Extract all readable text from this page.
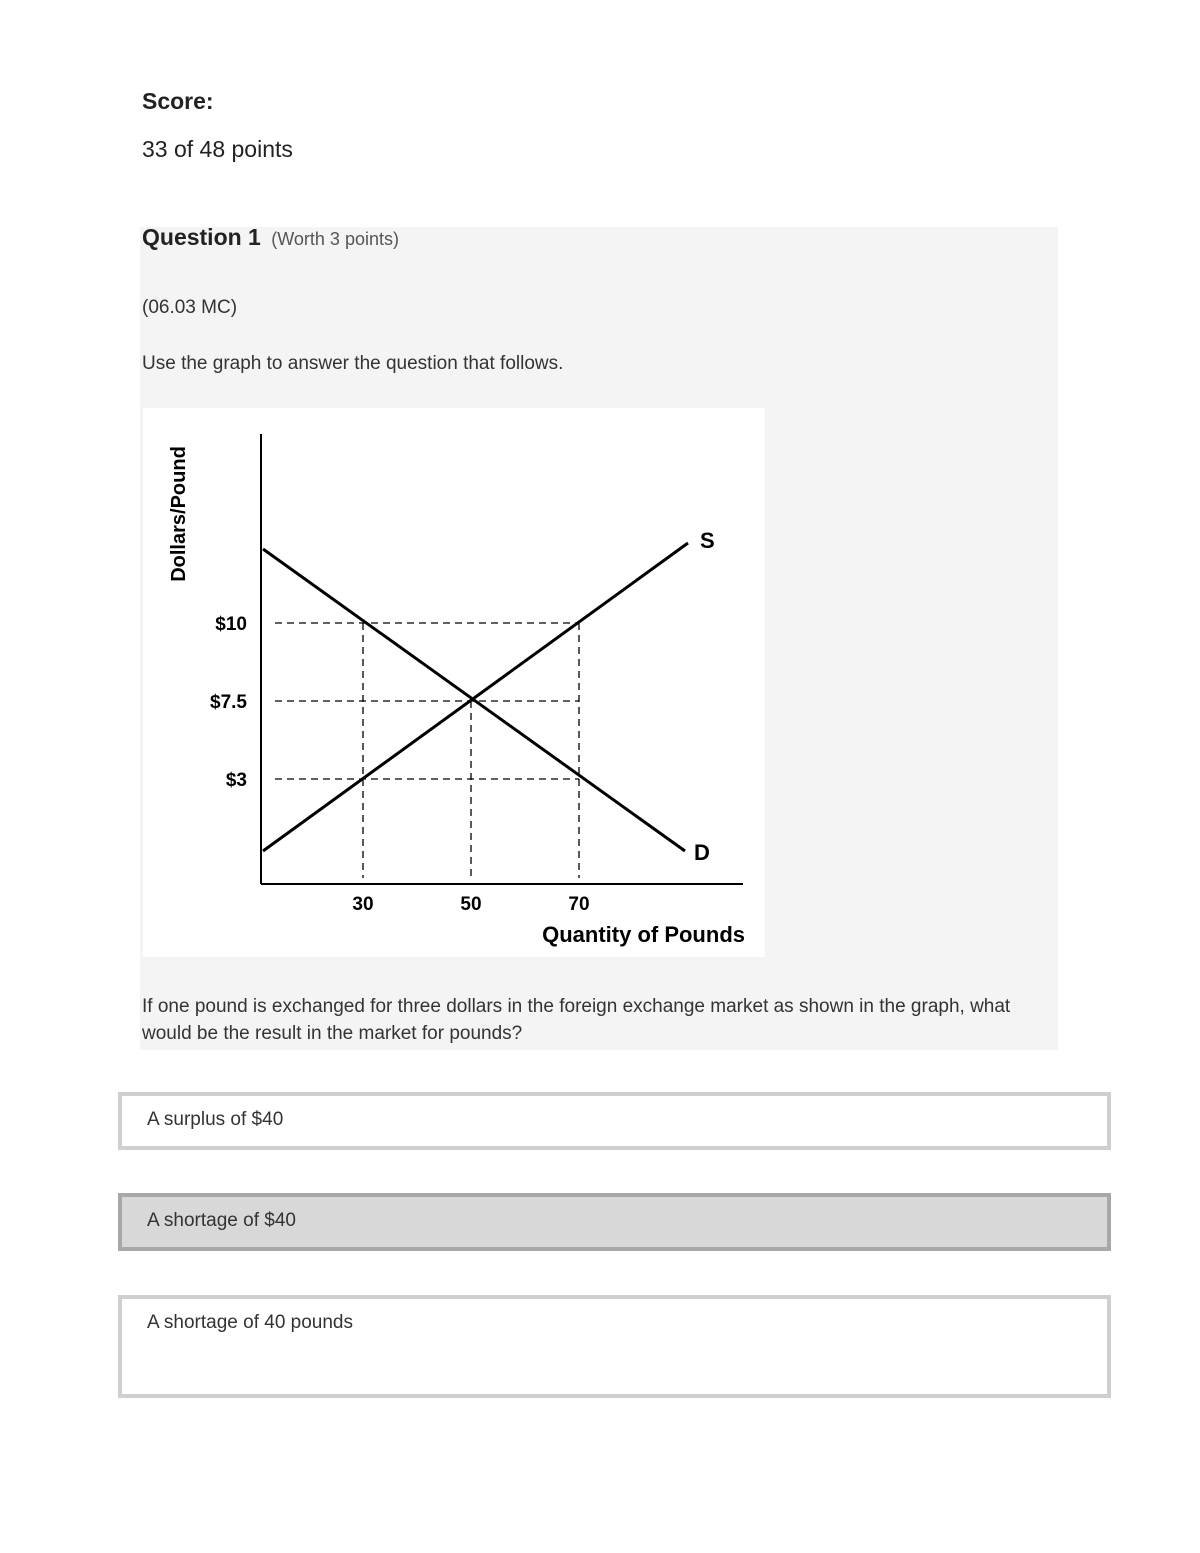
Score:
33 of 48 points
Question 1 (Worth 3 points)
(06.03 MC)
Use the graph to answer the question that follows.
S
D
$10
$7.5
$3
30	50	70
Quantity of Pounds
Dollars/Pound
If one pound is exchanged for three dollars in the foreign exchange market as shown in the graph, what would be the result in the market for pounds?
A surplus of $40
A shortage of $40
A shortage of 40 pounds
